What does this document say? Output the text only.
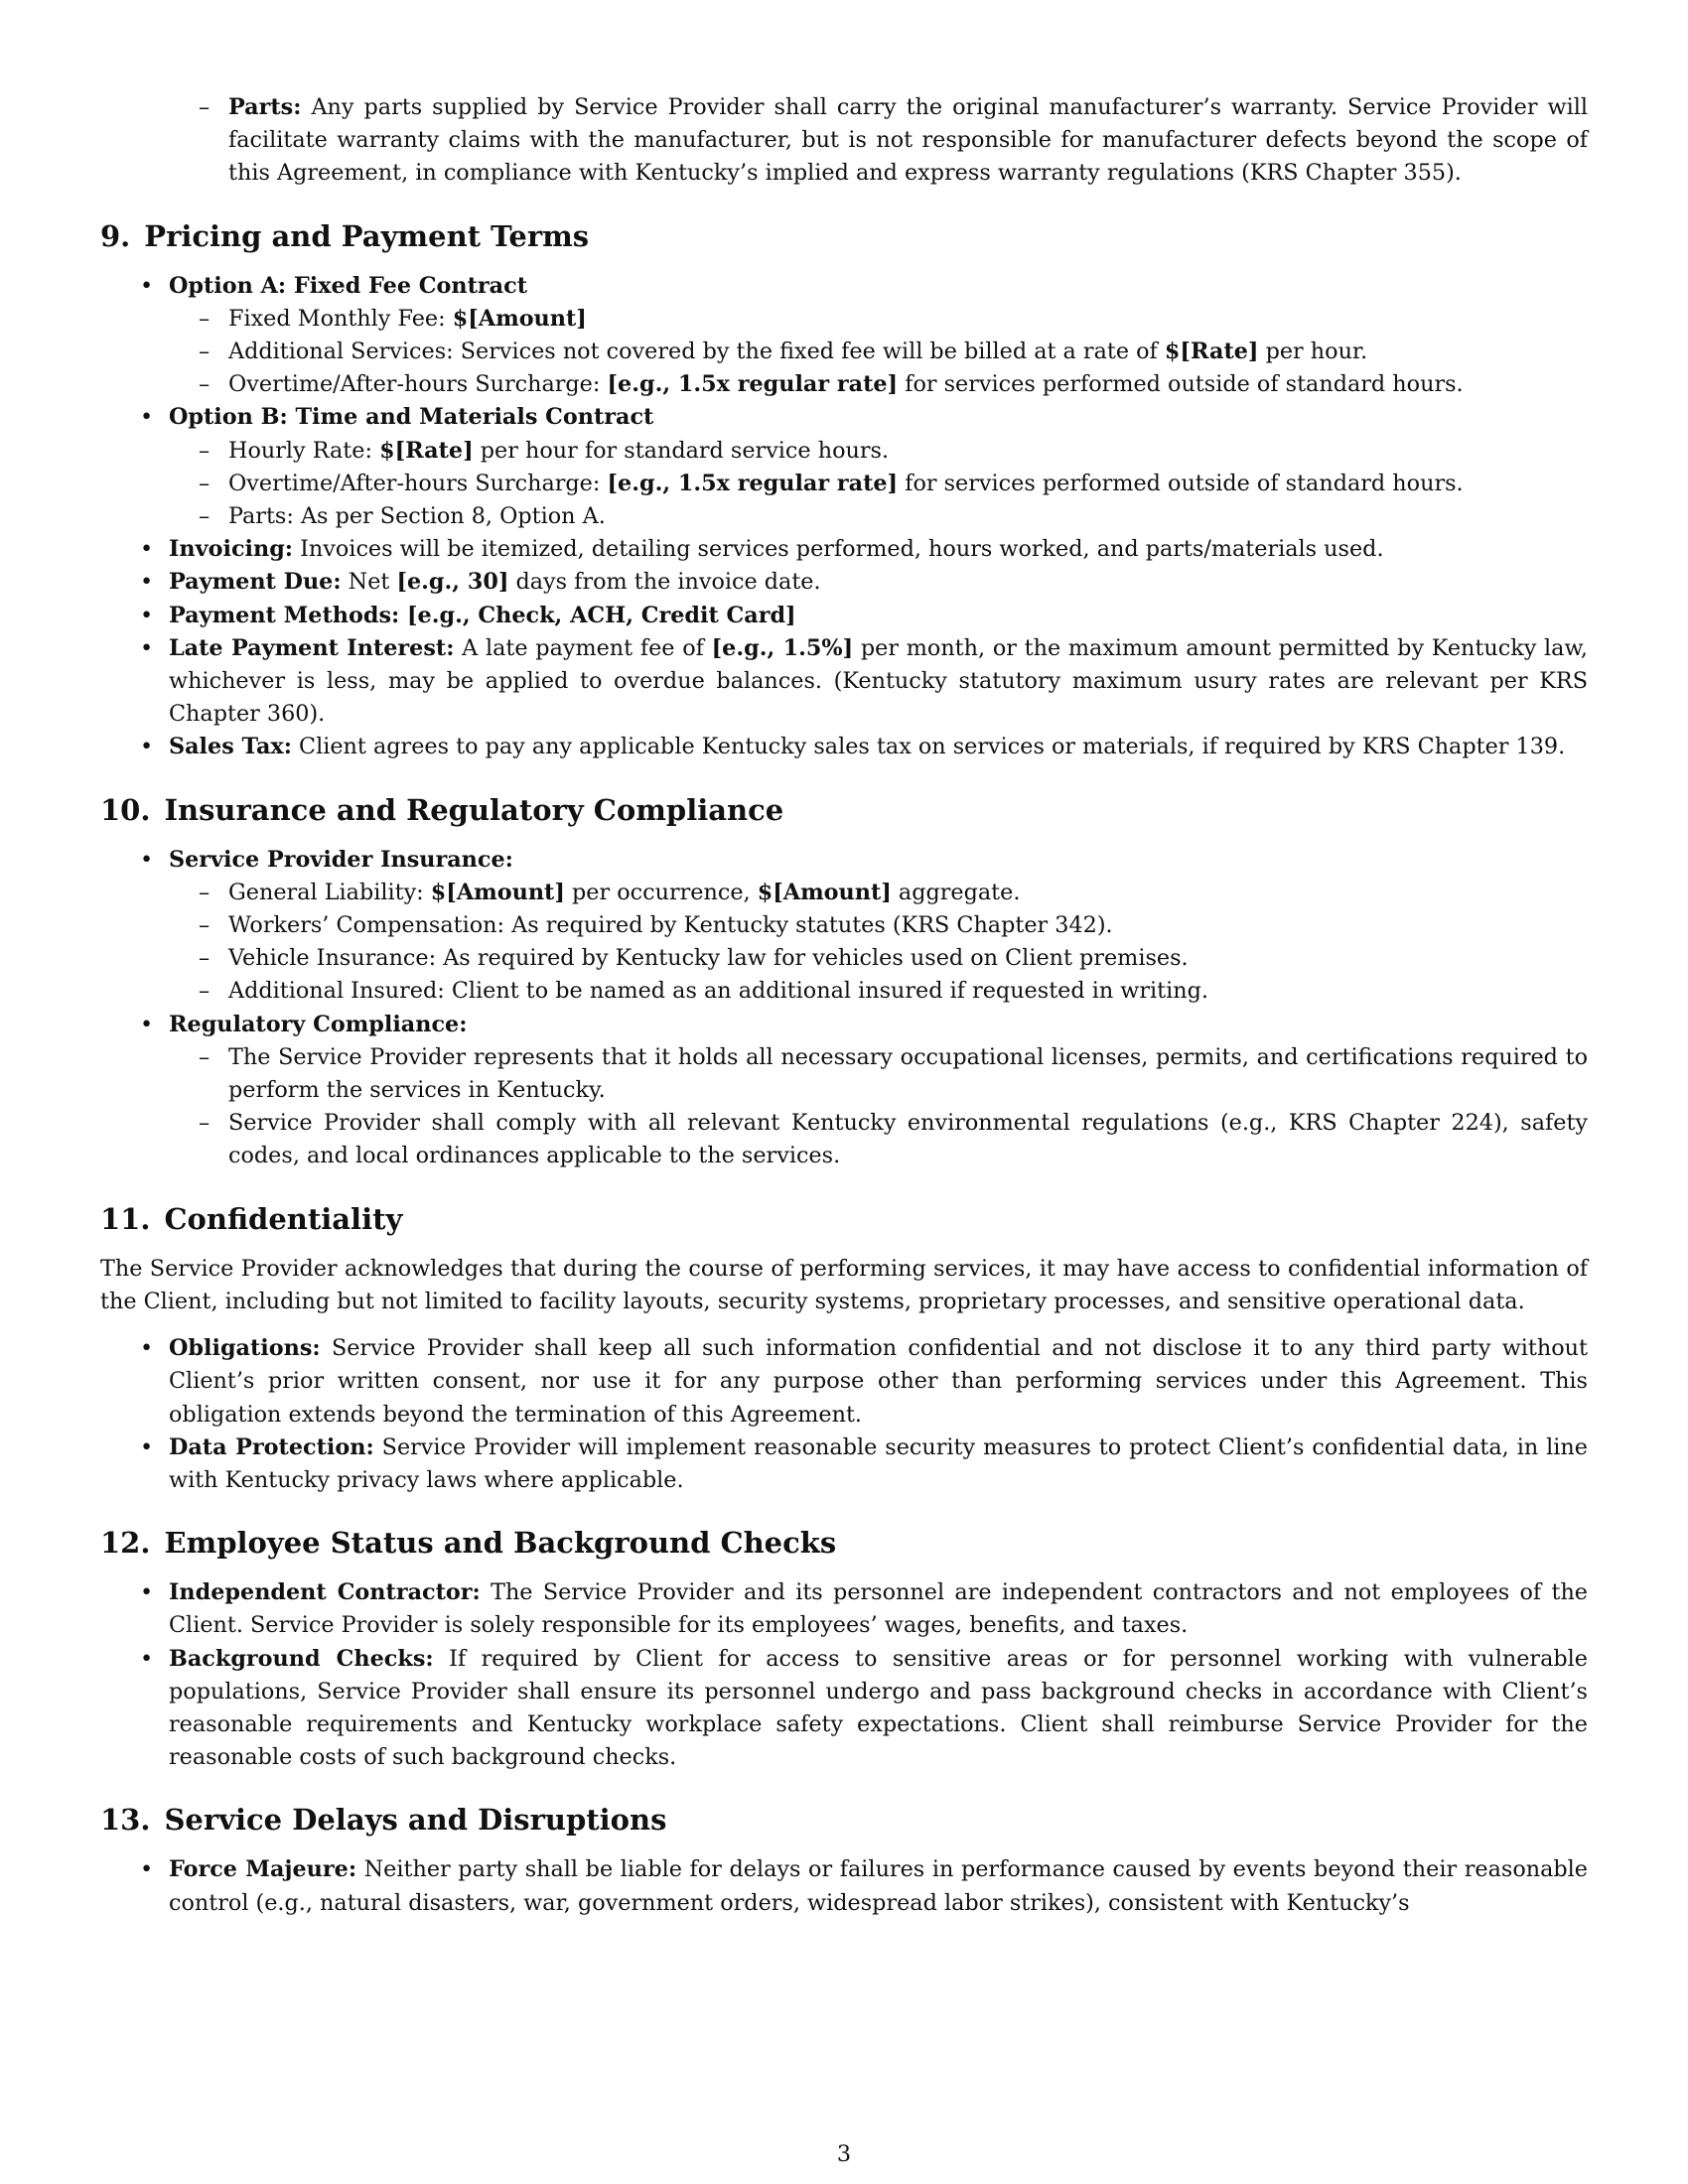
– Parts: Any parts supplied by Service Provider shall carry the original manufacturer’s warranty. Service Provider will facilitate warranty claims with the manufacturer, but is not responsible for manufacturer defects beyond the scope of this Agreement, in compliance with Kentucky’s implied and express warranty regulations (KRS Chapter 355).
9. Pricing and Payment Terms
• Option A: Fixed Fee Contract
– Fixed Monthly Fee: $[Amount]
– Additional Services: Services not covered by the fixed fee will be billed at a rate of $[Rate] per hour.
– Overtime/After-hours Surcharge: [e.g., 1.5x regular rate] for services performed outside of standard hours.
• Option B: Time and Materials Contract
– Hourly Rate: $[Rate] per hour for standard service hours.
– Overtime/After-hours Surcharge: [e.g., 1.5x regular rate] for services performed outside of standard hours.
– Parts: As per Section 8, Option A.
• Invoicing: Invoices will be itemized, detailing services performed, hours worked, and parts/materials used.
• Payment Due: Net [e.g., 30] days from the invoice date.
• Payment Methods: [e.g., Check, ACH, Credit Card]
• Late Payment Interest: A late payment fee of [e.g., 1.5%] per month, or the maximum amount permitted by Kentucky law, whichever is less, may be applied to overdue balances. (Kentucky statutory maximum usury rates are relevant per KRS Chapter 360).
• Sales Tax: Client agrees to pay any applicable Kentucky sales tax on services or materials, if required by KRS Chapter 139.
10. Insurance and Regulatory Compliance
• Service Provider Insurance:
– General Liability: $[Amount] per occurrence, $[Amount] aggregate.
– Workers’ Compensation: As required by Kentucky statutes (KRS Chapter 342).
– Vehicle Insurance: As required by Kentucky law for vehicles used on Client premises.
– Additional Insured: Client to be named as an additional insured if requested in writing.
• Regulatory Compliance:
– The Service Provider represents that it holds all necessary occupational licenses, permits, and certifications required to perform the services in Kentucky.
– Service Provider shall comply with all relevant Kentucky environmental regulations (e.g., KRS Chapter 224), safety codes, and local ordinances applicable to the services.
11. Confidentiality

The Service Provider acknowledges that during the course of performing services, it may have access to confidential information of the Client, including but not limited to facility layouts, security systems, proprietary processes, and sensitive operational data.

• Obligations: Service Provider shall keep all such information confidential and not disclose it to any third party without Client’s prior written consent, nor use it for any purpose other than performing services under this Agreement. This obligation extends beyond the termination of this Agreement.
• Data Protection: Service Provider will implement reasonable security measures to protect Client’s confidential data, in line with Kentucky privacy laws where applicable.
12. Employee Status and Background Checks
• Independent Contractor: The Service Provider and its personnel are independent contractors and not employees of the Client. Service Provider is solely responsible for its employees’ wages, benefits, and taxes.
• Background Checks: If required by Client for access to sensitive areas or for personnel working with vulnerable populations, Service Provider shall ensure its personnel undergo and pass background checks in accordance with Client’s reasonable requirements and Kentucky workplace safety expectations. Client shall reimburse Service Provider for the reasonable costs of such background checks.
13. Service Delays and Disruptions
• Force Majeure: Neither party shall be liable for delays or failures in performance caused by events beyond their reasonable control (e.g., natural disasters, war, government orders, widespread labor strikes), consistent with Kentucky’s
3
